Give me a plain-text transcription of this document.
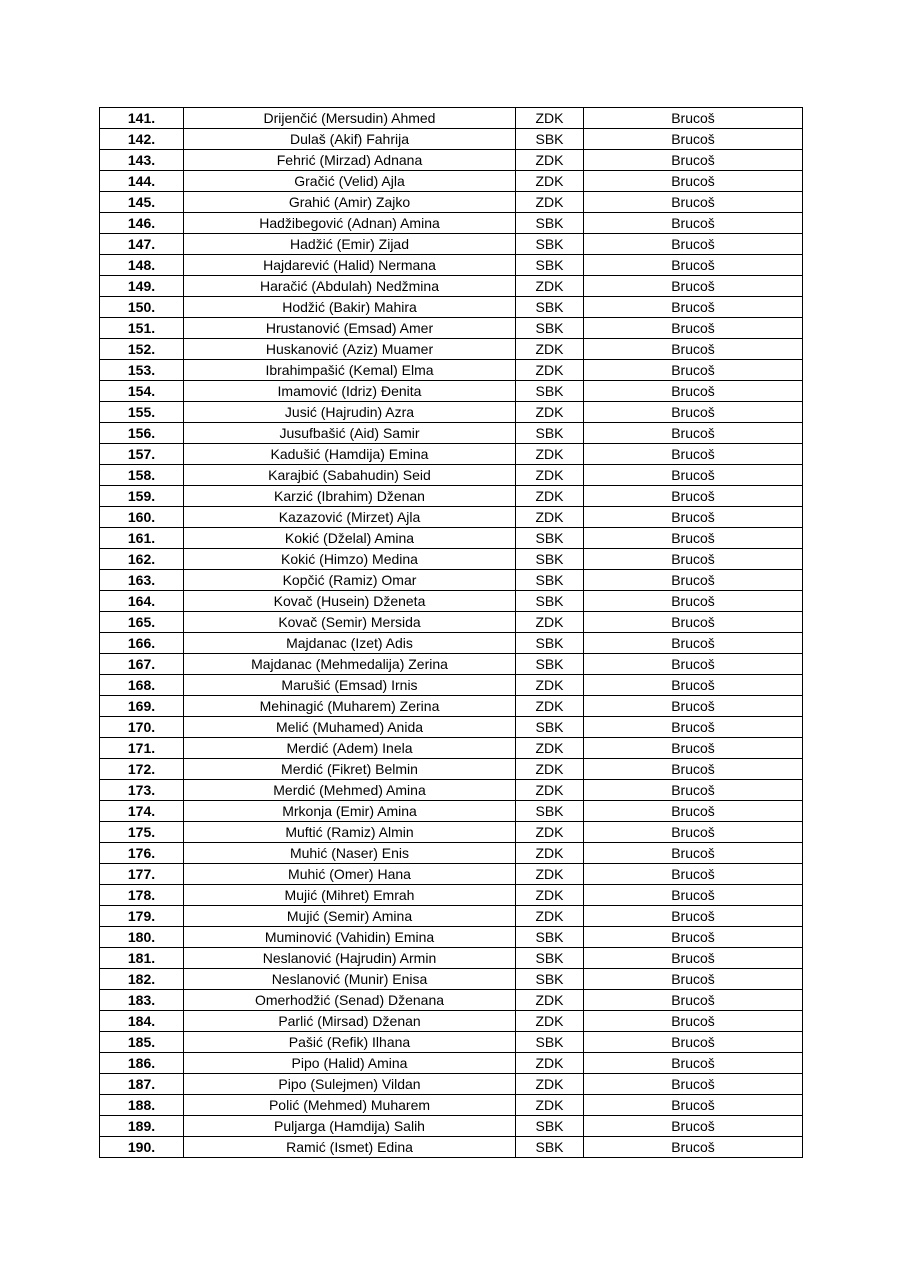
141.	Drijenčić (Mersudin) Ahmed	ZDK	Brucoš
142.	Dulaš (Akif) Fahrija	SBK	Brucoš
143.	Fehrić (Mirzad) Adnana	ZDK	Brucoš
144.	Gračić (Velid) Ajla	ZDK	Brucoš
145.	Grahić (Amir) Zajko	ZDK	Brucoš
146.	Hadžibegović (Adnan) Amina	SBK	Brucoš
147.	Hadžić (Emir) Zijad	SBK	Brucoš
148.	Hajdarević (Halid) Nermana	SBK	Brucoš
149.	Haračić (Abdulah) Nedžmina	ZDK	Brucoš
150.	Hodžić (Bakir) Mahira	SBK	Brucoš
151.	Hrustanović (Emsad) Amer	SBK	Brucoš
152.	Huskanović (Aziz) Muamer	ZDK	Brucoš
153.	Ibrahimpašić (Kemal) Elma	ZDK	Brucoš
154.	Imamović (Idriz) Đenita	SBK	Brucoš
155.	Jusić (Hajrudin) Azra	ZDK	Brucoš
156.	Jusufbašić (Aid) Samir	SBK	Brucoš
157.	Kadušić (Hamdija) Emina	ZDK	Brucoš
158.	Karajbić (Sabahudin) Seid	ZDK	Brucoš
159.	Karzić (Ibrahim) Dženan	ZDK	Brucoš
160.	Kazazović (Mirzet) Ajla	ZDK	Brucoš
161.	Kokić (Dželal) Amina	SBK	Brucoš
162.	Kokić (Himzo) Medina	SBK	Brucoš
163.	Kopčić (Ramiz) Omar	SBK	Brucoš
164.	Kovač (Husein) Dženeta	SBK	Brucoš
165.	Kovač (Semir) Mersida	ZDK	Brucoš
166.	Majdanac (Izet) Adis	SBK	Brucoš
167.	Majdanac (Mehmedalija) Zerina	SBK	Brucoš
168.	Marušić (Emsad) Irnis	ZDK	Brucoš
169.	Mehinagić (Muharem) Zerina	ZDK	Brucoš
170.	Melić (Muhamed) Anida	SBK	Brucoš
171.	Merdić (Adem) Inela	ZDK	Brucoš
172.	Merdić (Fikret) Belmin	ZDK	Brucoš
173.	Merdić (Mehmed) Amina	ZDK	Brucoš
174.	Mrkonja (Emir) Amina	SBK	Brucoš
175.	Muftić (Ramiz) Almin	ZDK	Brucoš
176.	Muhić (Naser) Enis	ZDK	Brucoš
177.	Muhić (Omer) Hana	ZDK	Brucoš
178.	Mujić (Mihret) Emrah	ZDK	Brucoš
179.	Mujić (Semir) Amina	ZDK	Brucoš
180.	Muminović (Vahidin) Emina	SBK	Brucoš
181.	Neslanović (Hajrudin) Armin	SBK	Brucoš
182.	Neslanović (Munir) Enisa	SBK	Brucoš
183.	Omerhodžić (Senad) Dženana	ZDK	Brucoš
184.	Parlić (Mirsad) Dženan	ZDK	Brucoš
185.	Pašić (Refik) Ilhana	SBK	Brucoš
186.	Pipo (Halid) Amina	ZDK	Brucoš
187.	Pipo (Sulejmen) Vildan	ZDK	Brucoš
188.	Polić (Mehmed) Muharem	ZDK	Brucoš
189.	Puljarga (Hamdija) Salih	SBK	Brucoš
190.	Ramić (Ismet) Edina	SBK	Brucoš
